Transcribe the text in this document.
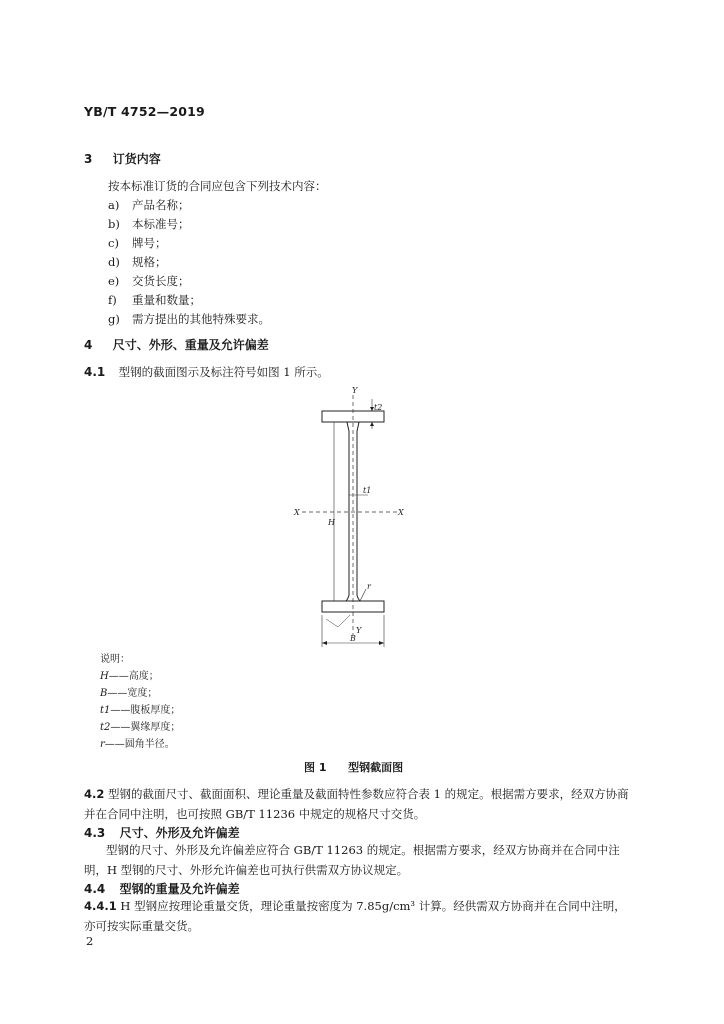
YB/T 4752—2019
3 订货内容
按本标准订货的合同应包含下列技术内容：
a) 产品名称；
b) 本标准号；
c) 牌号；
d) 规格；
e) 交货长度；
f) 重量和数量；
g) 需方提出的其他特殊要求。
4 尺寸、外形、重量及允许偏差
4.1 型钢的截面图示及标注符号如图 1 所示。
Y
Y
X	X
H
B
t1
t2
r
说明：
H——高度；
B——宽度；
t1——腹板厚度；
t2——翼缘厚度；
r——圆角半径。
图 1 型钢截面图
4.2 型钢的截面尺寸、截面面积、理论重量及截面特性参数应符合表 1 的规定。根据需方要求，经双方协商并在合同中注明，也可按照 GB/T 11236 中规定的规格尺寸交货。
4.3 尺寸、外形及允许偏差
型钢的尺寸、外形及允许偏差应符合 GB/T 11263 的规定。根据需方要求，经双方协商并在合同中注明，H 型钢的尺寸、外形允许偏差也可执行供需双方协议规定。
4.4 型钢的重量及允许偏差
4.4.1 H 型钢应按理论重量交货，理论重量按密度为 7.85g/cm³ 计算。经供需双方协商并在合同中注明，亦可按实际重量交货。
2
